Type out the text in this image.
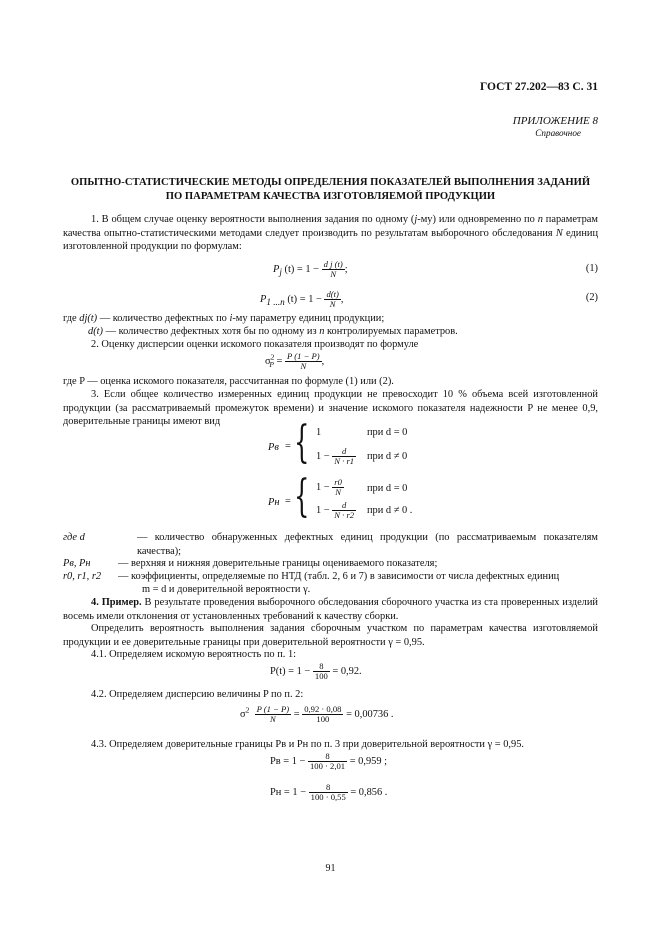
ГОСТ 27.202—83 С. 31
ПРИЛОЖЕНИЕ 8
Справочное
ОПЫТНО-СТАТИСТИЧЕСКИЕ МЕТОДЫ ОПРЕДЕЛЕНИЯ ПОКАЗАТЕЛЕЙ ВЫПОЛНЕНИЯ ЗАДАНИЙ
ПО ПАРАМЕТРАМ КАЧЕСТВА ИЗГОТОВЛЯЕМОЙ ПРОДУКЦИИ
1. В общем случае оценку вероятности выполнения задания по одному (j-му) или одновременно по n параметрам качества опытно-статистическими методами следует производить по результатам выборочного обследования N единиц изготовленной продукции по формулам:
$P_j$ $(t) = 1 - \frac{\text{d j (t)}}{N}$ ;	(1)
$P_{1 ...n}$ $(t) = 1 - \frac{d(t)}{N}$ ,	(2)
где dj(t) — количество дефектных по i-му параметру единиц продукции;
d(t) — количество дефектных хотя бы по одному из n контролируемых параметров.
2. Оценку дисперсии оценки искомого показателя производят по формуле
$\sigma^2_P = \frac{P (1 - P)}{N}$ ,
где P — оценка искомого показателя, рассчитанная по формуле (1) или (2).
3. Если общее количество измеренных единиц продукции не превосходит 10 % объема всей изготовленной продукции (за рассматриваемый промежуток времени) и значение искомого показателя надежности P не менее 0,9, доверительные границы имеют вид
Pв = { 1	при d = 0
$1 - \frac{d}{N \cdot r1}$ при d ≠ 0
Pн = { $1 - \frac{r0}{N}$ при d = 0
$1 - \frac{d}{N \cdot r2}$ при d ≠ 0 .
где d	— количество обнаруженных дефектных единиц продукции (по рассматриваемым показателям качества);
Pв, Pн	— верхняя и нижняя доверительные границы оцениваемого показателя;
r0, r1, r2 — коэффициенты, определяемые по НТД (табл. 2, 6 и 7) в зависимости от числа дефектных единиц
m = d и доверительной вероятности γ.
4. Пример. В результате проведения выборочного обследования сборочного участка из ста проверенных изделий восемь имели отклонения от установленных требований к качеству сборки.
Определить вероятность выполнения задания сборочным участком по параметрам качества изготовляемой продукции и ее доверительные границы при доверительной вероятности γ = 0,95.
4.1. Определяем искомую вероятность по п. 1:
$P(t) = 1 - \frac{8}{100} = 0,92$.
4.2. Определяем дисперсию величины P по п. 2:
$\sigma^2 \frac{P (1 - P)}{N} = \frac{0,92 \cdot 0,08}{100} = 0,00736$ .
4.3. Определяем доверительные границы Pв и Pн по п. 3 при доверительной вероятности γ = 0,95.
Pв = $1 - \frac{8}{100 \cdot 2,01} = 0,959$ ;
Pн = $1 - \frac{8}{100 \cdot 0,55} = 0,856$ .
91
